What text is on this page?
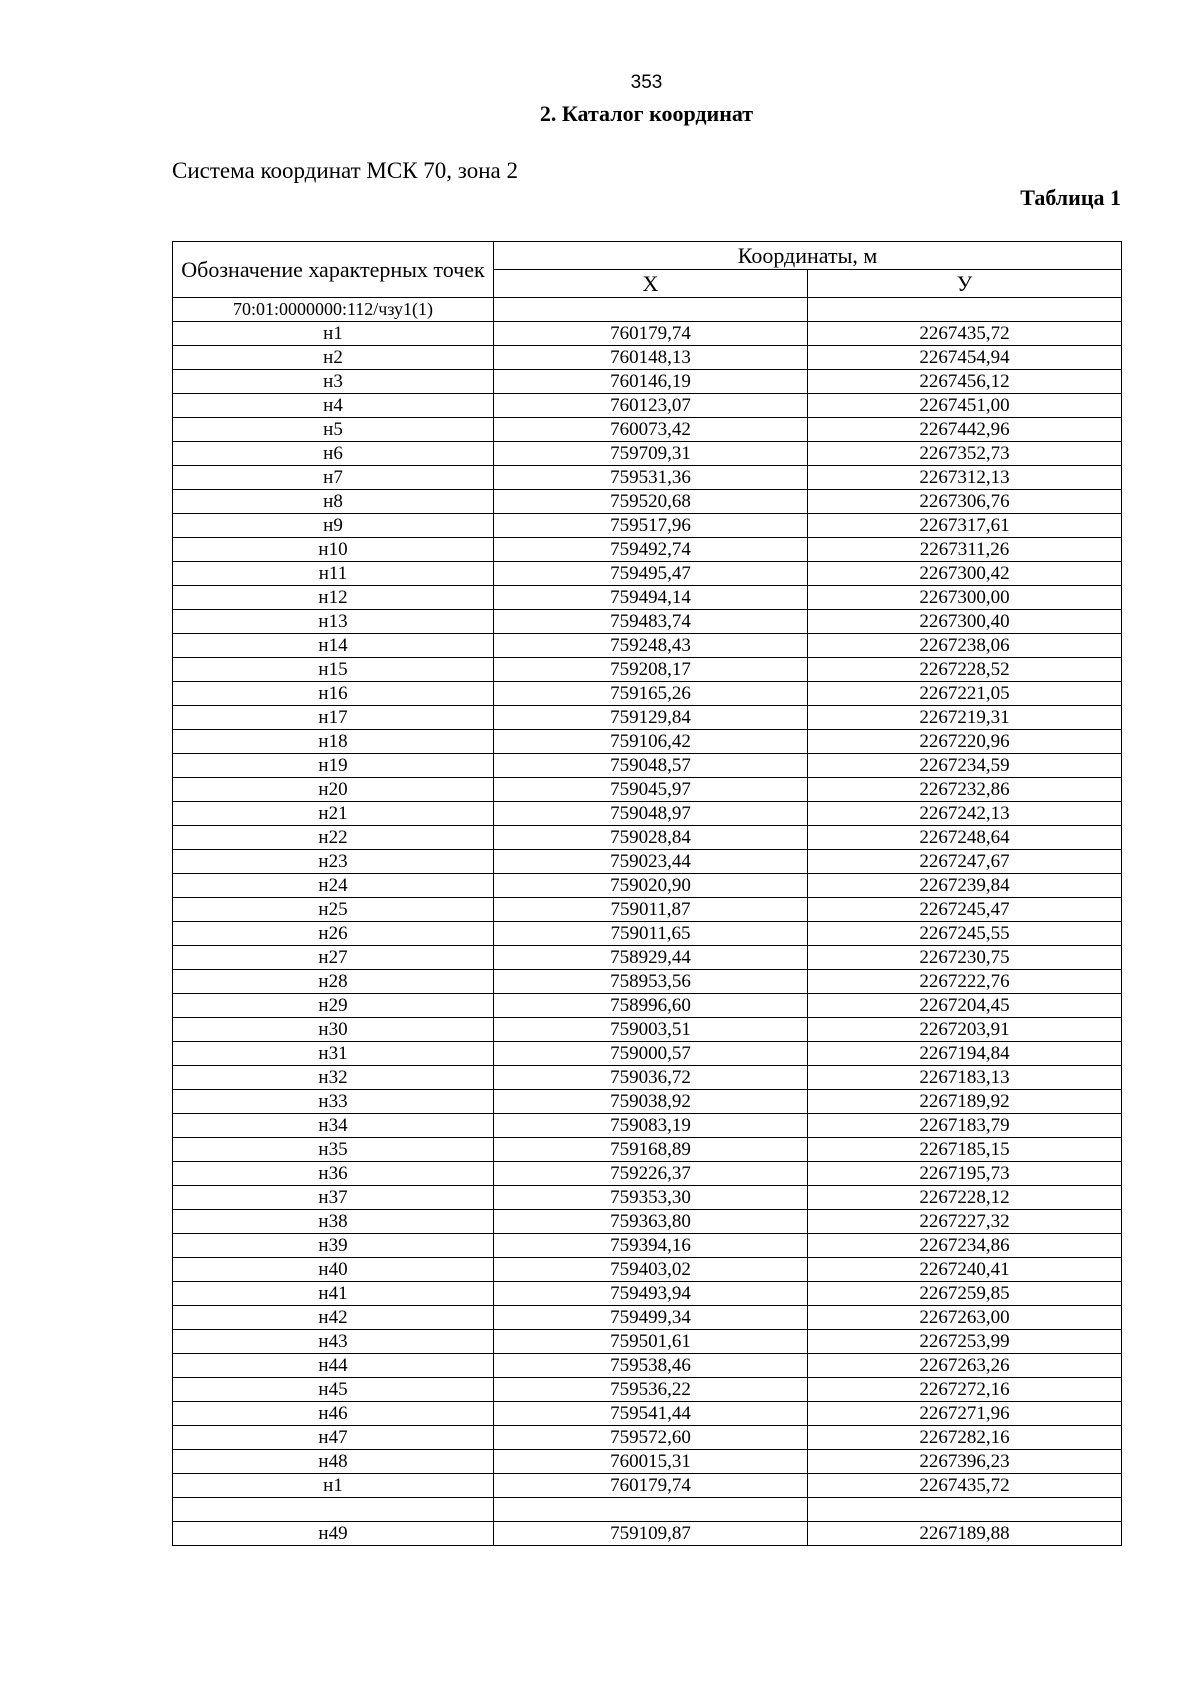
353
2. Каталог координат
Система координат МСК 70, зона 2
Таблица 1
Обозначение характерных точек	Координаты, м	
	X	У
70:01:0000000:112/чзу1(1)		
н1	760179,74	2267435,72
н2	760148,13	2267454,94
н3	760146,19	2267456,12
н4	760123,07	2267451,00
н5	760073,42	2267442,96
н6	759709,31	2267352,73
н7	759531,36	2267312,13
н8	759520,68	2267306,76
н9	759517,96	2267317,61
н10	759492,74	2267311,26
н11	759495,47	2267300,42
н12	759494,14	2267300,00
н13	759483,74	2267300,40
н14	759248,43	2267238,06
н15	759208,17	2267228,52
н16	759165,26	2267221,05
н17	759129,84	2267219,31
н18	759106,42	2267220,96
н19	759048,57	2267234,59
н20	759045,97	2267232,86
н21	759048,97	2267242,13
н22	759028,84	2267248,64
н23	759023,44	2267247,67
н24	759020,90	2267239,84
н25	759011,87	2267245,47
н26	759011,65	2267245,55
н27	758929,44	2267230,75
н28	758953,56	2267222,76
н29	758996,60	2267204,45
н30	759003,51	2267203,91
н31	759000,57	2267194,84
н32	759036,72	2267183,13
н33	759038,92	2267189,92
н34	759083,19	2267183,79
н35	759168,89	2267185,15
н36	759226,37	2267195,73
н37	759353,30	2267228,12
н38	759363,80	2267227,32
н39	759394,16	2267234,86
н40	759403,02	2267240,41
н41	759493,94	2267259,85
н42	759499,34	2267263,00
н43	759501,61	2267253,99
н44	759538,46	2267263,26
н45	759536,22	2267272,16
н46	759541,44	2267271,96
н47	759572,60	2267282,16
н48	760015,31	2267396,23
н1	760179,74	2267435,72

н49	759109,87	2267189,88
